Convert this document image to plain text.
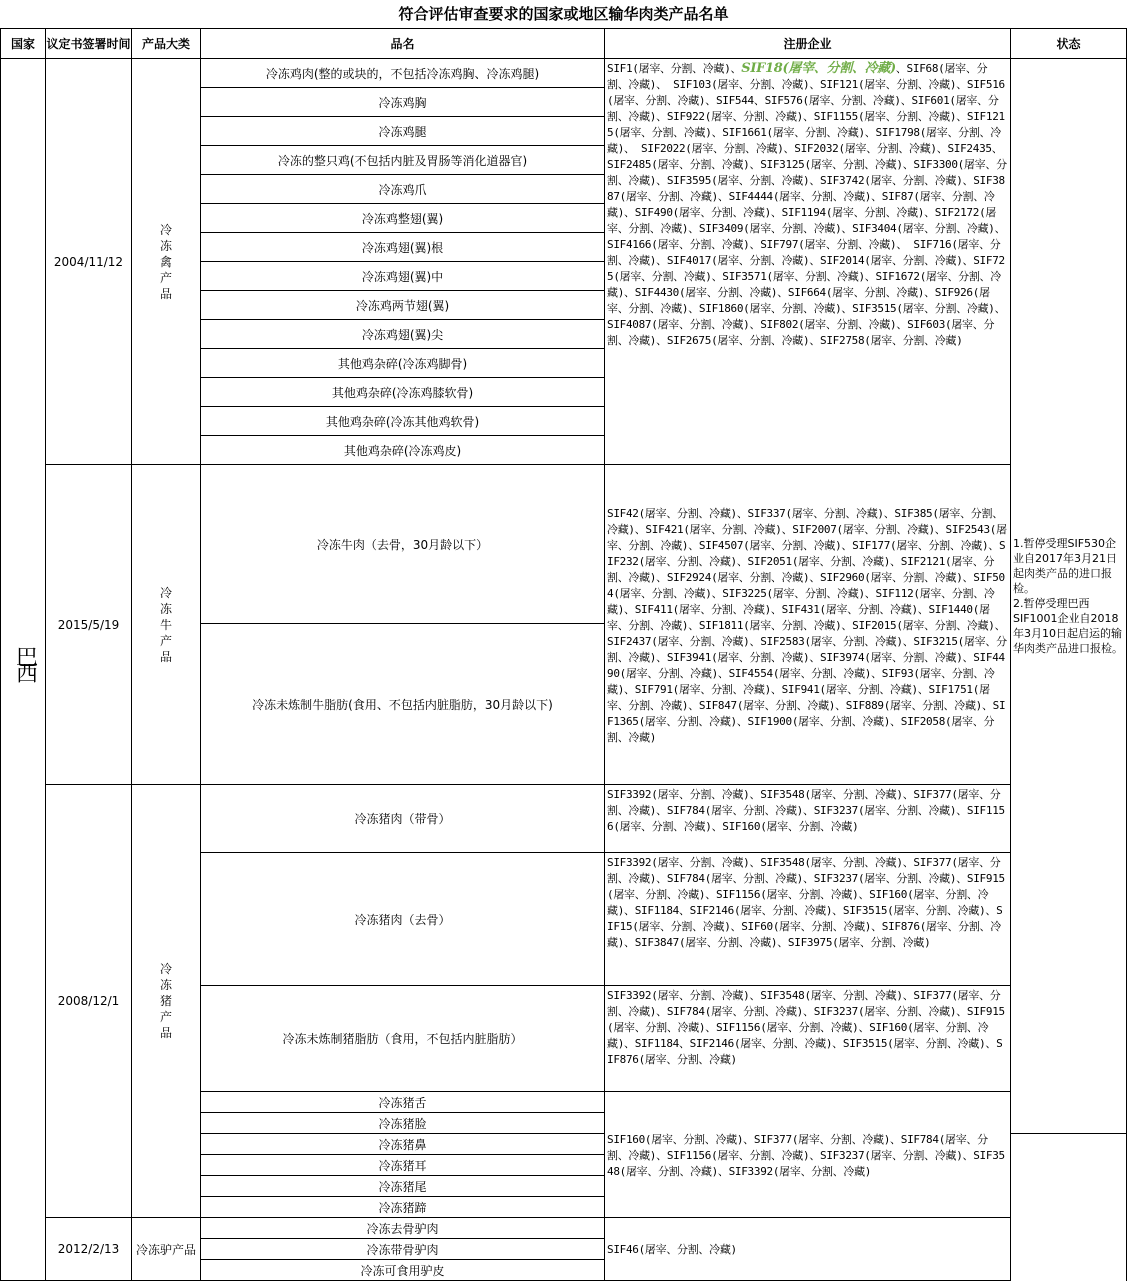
符合评估审查要求的国家或地区输华肉类产品名单
国家	议定书签署时间	产品大类	品名	注册企业	状态	
巴西	2004/11/12	冷冻禽产品	冷冻鸡肉(整的或块的，不包括冷冻鸡胸、冷冻鸡腿)	SIF1(屠宰、分割、冷藏)、SIF18(屠宰、分割、冷藏)、SIF68(屠宰、分割、冷藏)、 SIF103(屠宰、分割、冷藏)、SIF121(屠宰、分割、冷藏)、SIF516(屠宰、分割、冷藏)、SIF544、SIF576(屠宰、分割、冷藏)、SIF601(屠宰、分割、冷藏)、SIF922(屠宰、分割、冷藏)、SIF1155(屠宰、分割、冷藏)、SIF1215(屠宰、分割、冷藏)、SIF1661(屠宰、分割、冷藏)、SIF1798(屠宰、分割、冷藏)、 SIF2022(屠宰、分割、冷藏)、SIF2032(屠宰、分割、冷藏)、SIF2435、SIF2485(屠宰、分割、冷藏)、SIF3125(屠宰、分割、冷藏)、SIF3300(屠宰、分割、冷藏)、SIF3595(屠宰、分割、冷藏)、SIF3742(屠宰、分割、冷藏)、SIF3887(屠宰、分割、冷藏)、SIF4444(屠宰、分割、冷藏)、SIF87(屠宰、分割、冷藏)、SIF490(屠宰、分割、冷藏)、SIF1194(屠宰、分割、冷藏)、SIF2172(屠宰、分割、冷藏)、SIF3409(屠宰、分割、冷藏)、SIF3404(屠宰、分割、冷藏)、SIF4166(屠宰、分割、冷藏)、SIF797(屠宰、分割、冷藏)、 SIF716(屠宰、分割、冷藏)、SIF4017(屠宰、分割、冷藏)、SIF2014(屠宰、分割、冷藏)、SIF725(屠宰、分割、冷藏)、SIF3571(屠宰、分割、冷藏)、SIF1672(屠宰、分割、冷藏)、SIF4430(屠宰、分割、冷藏)、SIF664(屠宰、分割、冷藏)、SIF926(屠宰、分割、冷藏)、SIF1860(屠宰、分割、冷藏)、SIF3515(屠宰、分割、冷藏)、SIF4087(屠宰、分割、冷藏)、SIF802(屠宰、分割、冷藏)、SIF603(屠宰、分割、冷藏)、SIF2675(屠宰、分割、冷藏)、SIF2758(屠宰、分割、冷藏)	1.暂停受理SIF530企业自2017年3月21日起肉类产品的进口报检。
2.暂停受理巴西SIF1001企业自2018年3月10日起启运的输华肉类产品进口报检。	
			冷冻鸡胸			
			冷冻鸡腿			
			冷冻的整只鸡(不包括内脏及胃肠等消化道器官)			
			冷冻鸡爪			
			冷冻鸡整翅(翼)			
			冷冻鸡翅(翼)根			
			冷冻鸡翅(翼)中			
			冷冻鸡两节翅(翼)			
			冷冻鸡翅(翼)尖			
			其他鸡杂碎(冷冻鸡脚骨)			
			其他鸡杂碎(冷冻鸡膝软骨)			
			其他鸡杂碎(冷冻其他鸡软骨)			
			其他鸡杂碎(冷冻鸡皮)			
	2015/5/19	冷冻牛产品	冷冻牛肉（去骨，30月龄以下）	SIF42(屠宰、分割、冷藏)、SIF337(屠宰、分割、冷藏)、SIF385(屠宰、分割、冷藏)、SIF421(屠宰、分割、冷藏)、SIF2007(屠宰、分割、冷藏)、SIF2543(屠宰、分割、冷藏)、SIF4507(屠宰、分割、冷藏)、SIF177(屠宰、分割、冷藏)、SIF232(屠宰、分割、冷藏)、SIF2051(屠宰、分割、冷藏)、SIF2121(屠宰、分割、冷藏)、SIF2924(屠宰、分割、冷藏)、SIF2960(屠宰、分割、冷藏)、SIF504(屠宰、分割、冷藏)、SIF3225(屠宰、分割、冷藏)、SIF112(屠宰、分割、冷藏)、SIF411(屠宰、分割、冷藏)、SIF431(屠宰、分割、冷藏)、SIF1440(屠宰、分割、冷藏)、SIF1811(屠宰、分割、冷藏)、SIF2015(屠宰、分割、冷藏)、SIF2437(屠宰、分割、冷藏)、SIF2583(屠宰、分割、冷藏)、SIF3215(屠宰、分割、冷藏)、SIF3941(屠宰、分割、冷藏)、SIF3974(屠宰、分割、冷藏)、SIF4490(屠宰、分割、冷藏)、SIF4554(屠宰、分割、冷藏)、SIF93(屠宰、分割、冷藏)、SIF791(屠宰、分割、冷藏)、SIF941(屠宰、分割、冷藏)、SIF1751(屠宰、分割、冷藏)、SIF847(屠宰、分割、冷藏)、SIF889(屠宰、分割、冷藏)、SIF1365(屠宰、分割、冷藏)、SIF1900(屠宰、分割、冷藏)、SIF2058(屠宰、分割、冷藏)		
			冷冻未炼制牛脂肪(食用、不包括内脏脂肪，30月龄以下)			
	2008/12/1	冷冻猪产品	冷冻猪肉（带骨）	SIF3392(屠宰、分割、冷藏)、SIF3548(屠宰、分割、冷藏)、SIF377(屠宰、分割、冷藏)、SIF784(屠宰、分割、冷藏)、SIF3237(屠宰、分割、冷藏)、SIF1156(屠宰、分割、冷藏)、SIF160(屠宰、分割、冷藏)		
			冷冻猪肉（去骨）	SIF3392(屠宰、分割、冷藏)、SIF3548(屠宰、分割、冷藏)、SIF377(屠宰、分割、冷藏)、SIF784(屠宰、分割、冷藏)、SIF3237(屠宰、分割、冷藏)、SIF915(屠宰、分割、冷藏)、SIF1156(屠宰、分割、冷藏)、SIF160(屠宰、分割、冷藏)、SIF1184、SIF2146(屠宰、分割、冷藏)、SIF3515(屠宰、分割、冷藏)、SIF15(屠宰、分割、冷藏)、SIF60(屠宰、分割、冷藏)、SIF876(屠宰、分割、冷藏)、SIF3847(屠宰、分割、冷藏)、SIF3975(屠宰、分割、冷藏)		
			冷冻未炼制猪脂肪（食用，不包括内脏脂肪）	SIF3392(屠宰、分割、冷藏)、SIF3548(屠宰、分割、冷藏)、SIF377(屠宰、分割、冷藏)、SIF784(屠宰、分割、冷藏)、SIF3237(屠宰、分割、冷藏)、SIF915(屠宰、分割、冷藏)、SIF1156(屠宰、分割、冷藏)、SIF160(屠宰、分割、冷藏)、SIF1184、SIF2146(屠宰、分割、冷藏)、SIF3515(屠宰、分割、冷藏)、SIF876(屠宰、分割、冷藏)		
			冷冻猪舌	SIF160(屠宰、分割、冷藏)、SIF377(屠宰、分割、冷藏)、SIF784(屠宰、分割、冷藏)、SIF1156(屠宰、分割、冷藏)、SIF3237(屠宰、分割、冷藏)、SIF3548(屠宰、分割、冷藏)、SIF3392(屠宰、分割、冷藏)		
			冷冻猪脸			
			冷冻猪鼻			
			冷冻猪耳			
			冷冻猪尾			
			冷冻猪蹄			
	2012/2/13	冷冻驴产品	冷冻去骨驴肉	SIF46(屠宰、分割、冷藏)		
			冷冻带骨驴肉			
			冷冻可食用驴皮			
